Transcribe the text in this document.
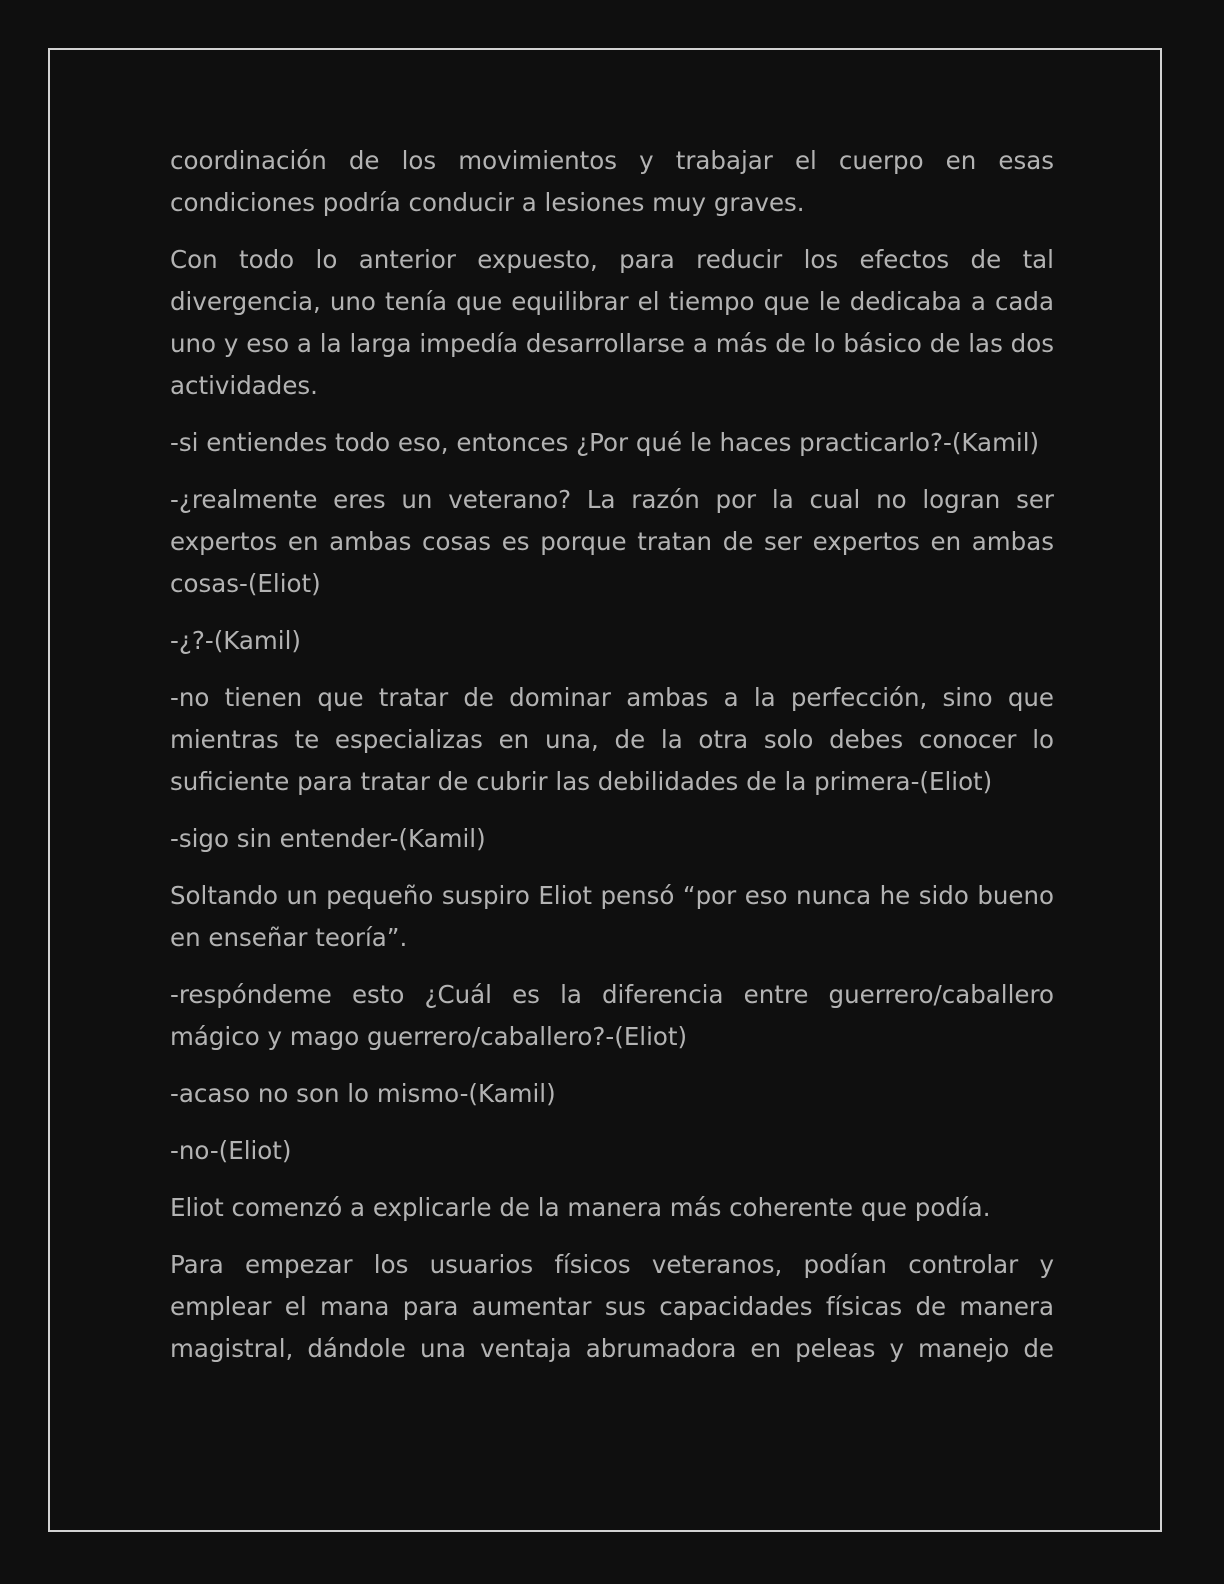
coordinación de los movimientos y trabajar el cuerpo en esas condiciones podría conducir a lesiones muy graves.

Con todo lo anterior expuesto, para reducir los efectos de tal divergencia, uno tenía que equilibrar el tiempo que le dedicaba a cada uno y eso a la larga impedía desarrollarse a más de lo básico de las dos actividades.

-si entiendes todo eso, entonces ¿Por qué le haces practicarlo?-(Kamil)

-¿realmente eres un veterano? La razón por la cual no logran ser expertos en ambas cosas es porque tratan de ser expertos en ambas cosas-(Eliot)

-¿?-(Kamil)

-no tienen que tratar de dominar ambas a la perfección, sino que mientras te especializas en una, de la otra solo debes conocer lo suficiente para tratar de cubrir las debilidades de la primera-(Eliot)

-sigo sin entender-(Kamil)

Soltando un pequeño suspiro Eliot pensó “por eso nunca he sido bueno en enseñar teoría”.

-respóndeme esto ¿Cuál es la diferencia entre guerrero/caballero mágico y mago guerrero/caballero?-(Eliot)

-acaso no son lo mismo-(Kamil)

-no-(Eliot)

Eliot comenzó a explicarle de la manera más coherente que podía.

Para empezar los usuarios físicos veteranos, podían controlar y emplear el mana para aumentar sus capacidades físicas de manera magistral, dándole una ventaja abrumadora en peleas y manejo de
